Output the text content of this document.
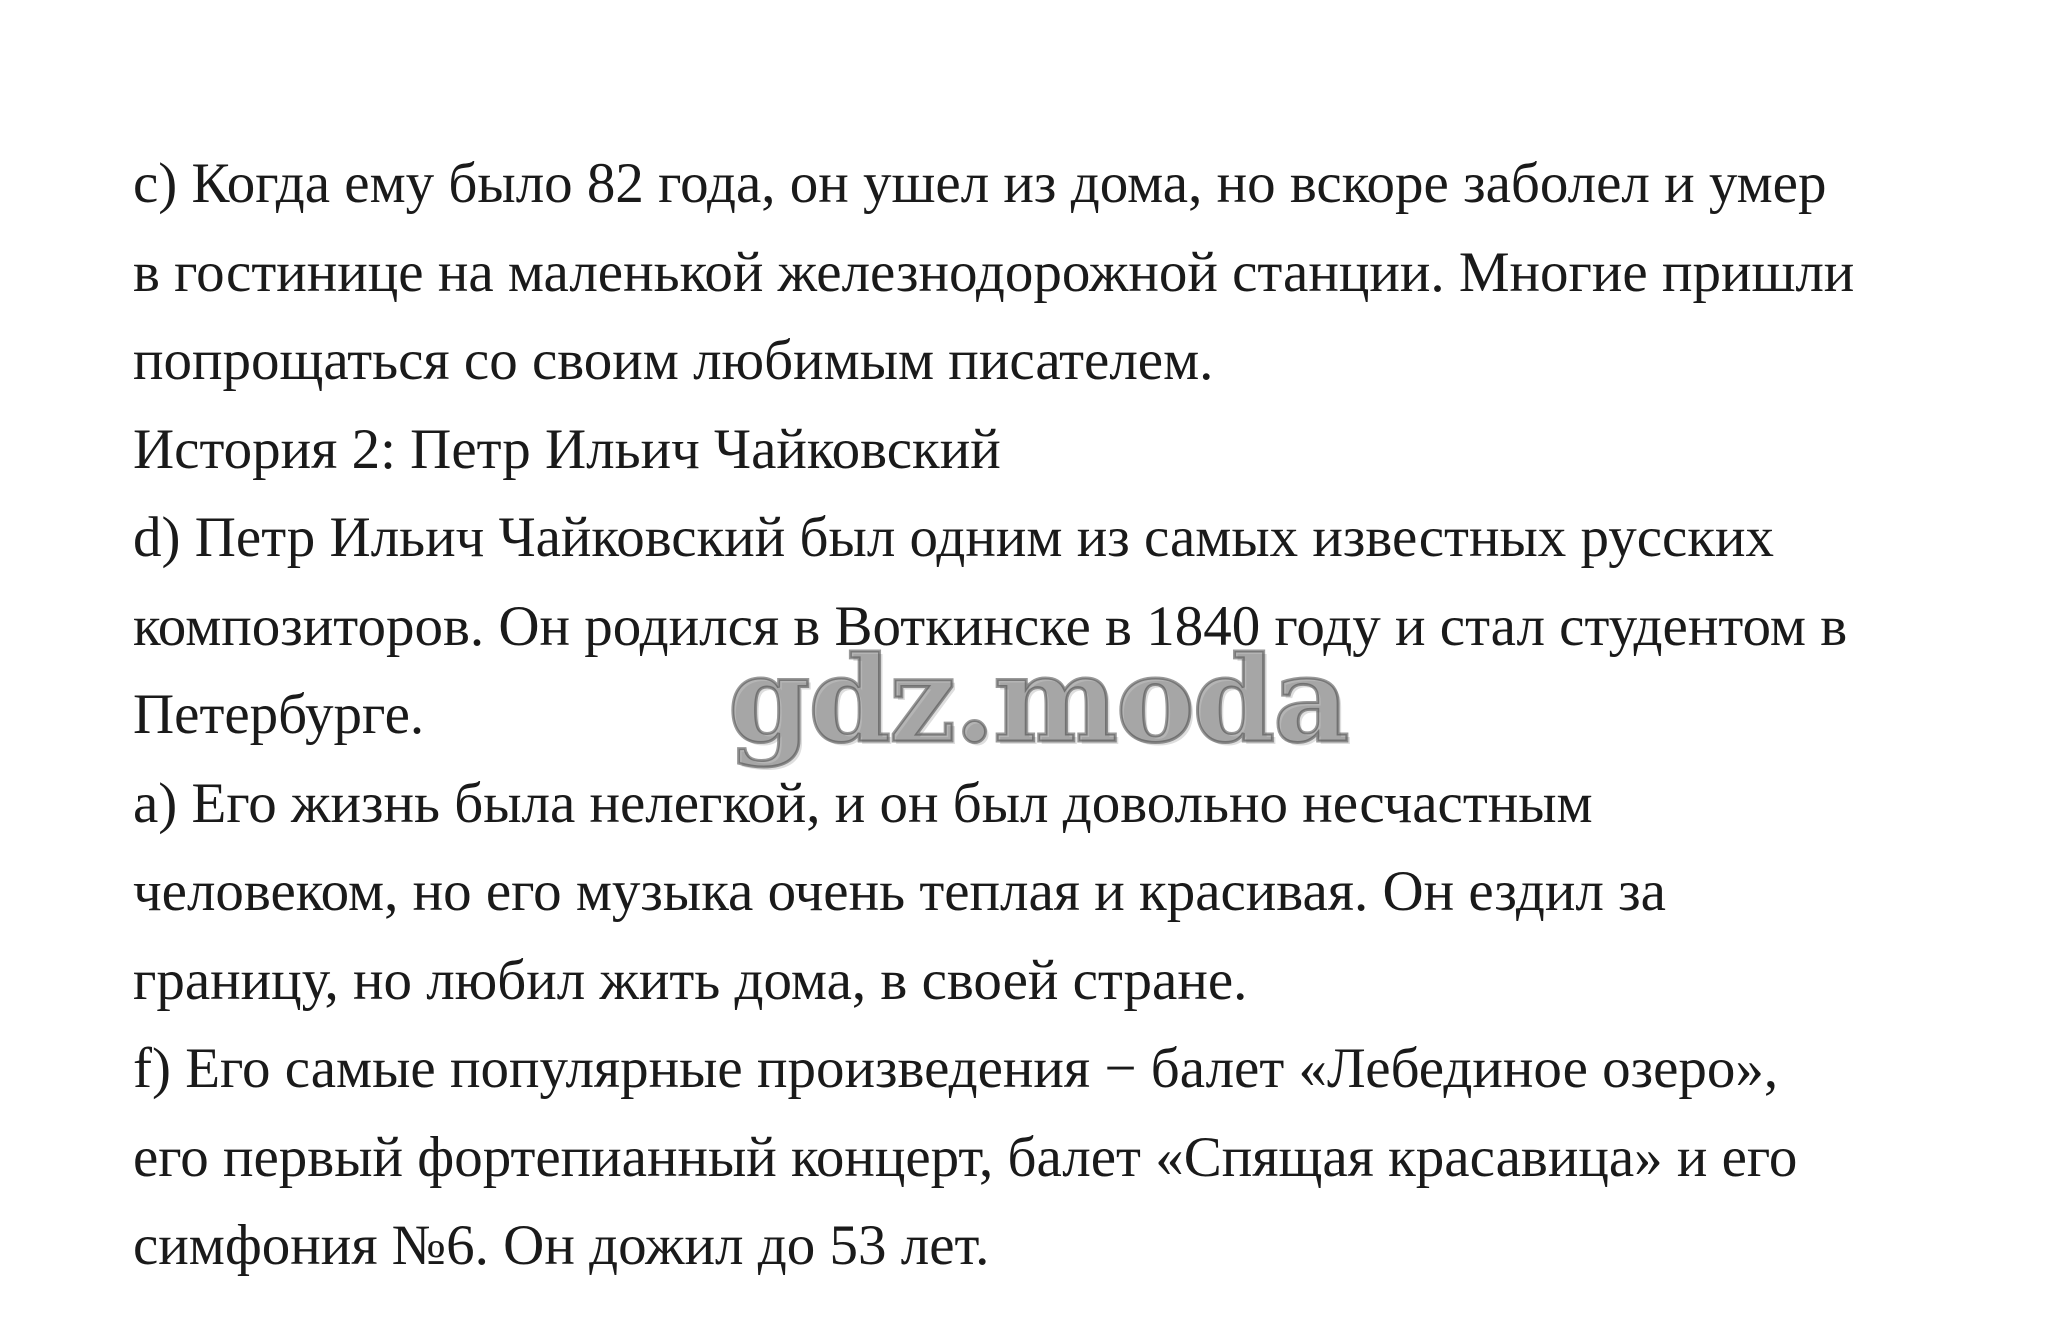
c) Когда ему было 82 года, он ушел из дома, но вскоре заболел и умер
в гостинице на маленькой железнодорожной станции. Многие пришли
попрощаться со своим любимым писателем.
История 2: Петр Ильич Чайковский
d) Петр Ильич Чайковский был одним из самых известных русских
композиторов. Он родился в Воткинске в 1840 году и стал студентом в
Петербурге.
a) Его жизнь была нелегкой, и он был довольно несчастным
человеком, но его музыка очень теплая и красивая. Он ездил за
границу, но любил жить дома, в своей стране.
f) Его самые популярные произведения − балет «Лебединое озеро»,
его первый фортепианный концерт, балет «Спящая красавица» и его
симфония №6. Он дожил до 53 лет.
gdz.moda
